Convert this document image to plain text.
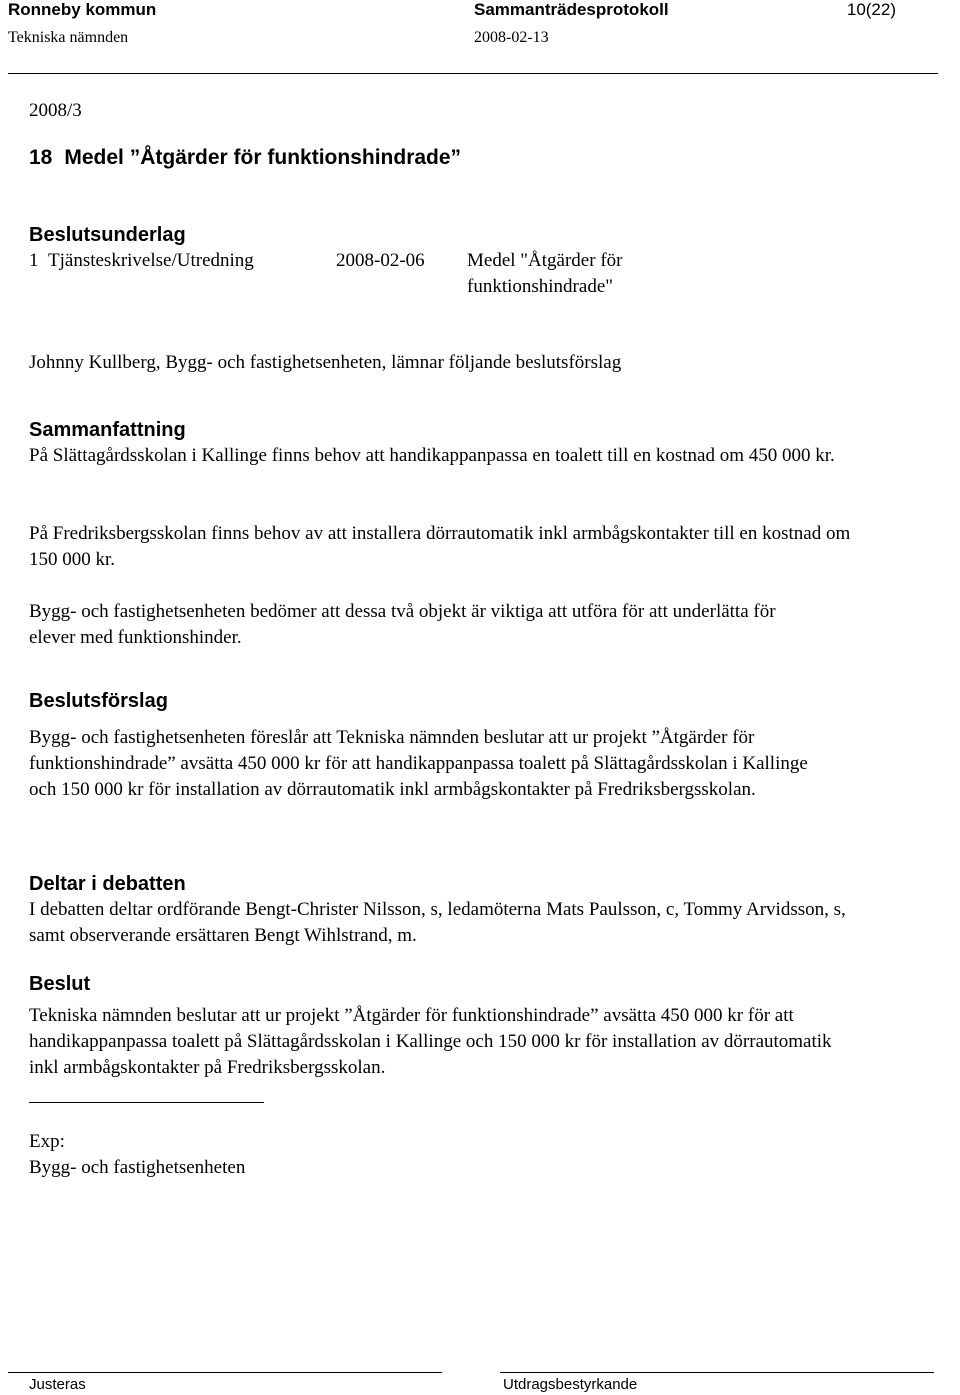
Ronneby kommun	Sammanträdesprotokoll	10(22)
Tekniska nämnden	2008-02-13
2008/3
18 Medel ”Åtgärder för funktionshindrade”

Beslutsunderlag

1 Tjänsteskrivelse/Utredning	2008-02-06 Medel "Åtgärder för
funktionshindrade"

Johnny Kullberg, Bygg- och fastighetsenheten, lämnar följande beslutsförslag

Sammanfattning

På Slättagårdsskolan i Kallinge finns behov att handikappanpassa en toalett till en kostnad om 450 000 kr.

På Fredriksbergsskolan finns behov av att installera dörrautomatik inkl armbågskontakter till en kostnad om 150 000 kr.

Bygg- och fastighetsenheten bedömer att dessa två objekt är viktiga att utföra för att underlätta för elever med funktionshinder.

Beslutsförslag

Bygg- och fastighetsenheten föreslår att Tekniska nämnden beslutar att ur projekt ”Åtgärder för funktionshindrade” avsätta 450 000 kr för att handikappanpassa toalett på Slättagårdsskolan i Kallinge och 150 000 kr för installation av dörrautomatik inkl armbågskontakter på Fredriksbergsskolan.

Deltar i debatten

I debatten deltar ordförande Bengt-Christer Nilsson, s, ledamöterna Mats Paulsson, c, Tommy Arvidsson, s, samt observerande ersättaren Bengt Wihlstrand, m.

Beslut

Tekniska nämnden beslutar att ur projekt ”Åtgärder för funktionshindrade” avsätta 450 000 kr för att handikappanpassa toalett på Slättagårdsskolan i Kallinge och 150 000 kr för installation av dörrautomatik inkl armbågskontakter på Fredriksbergsskolan.

Exp:

Bygg- och fastighetsenheten

Justeras	Utdragsbestyrkande
